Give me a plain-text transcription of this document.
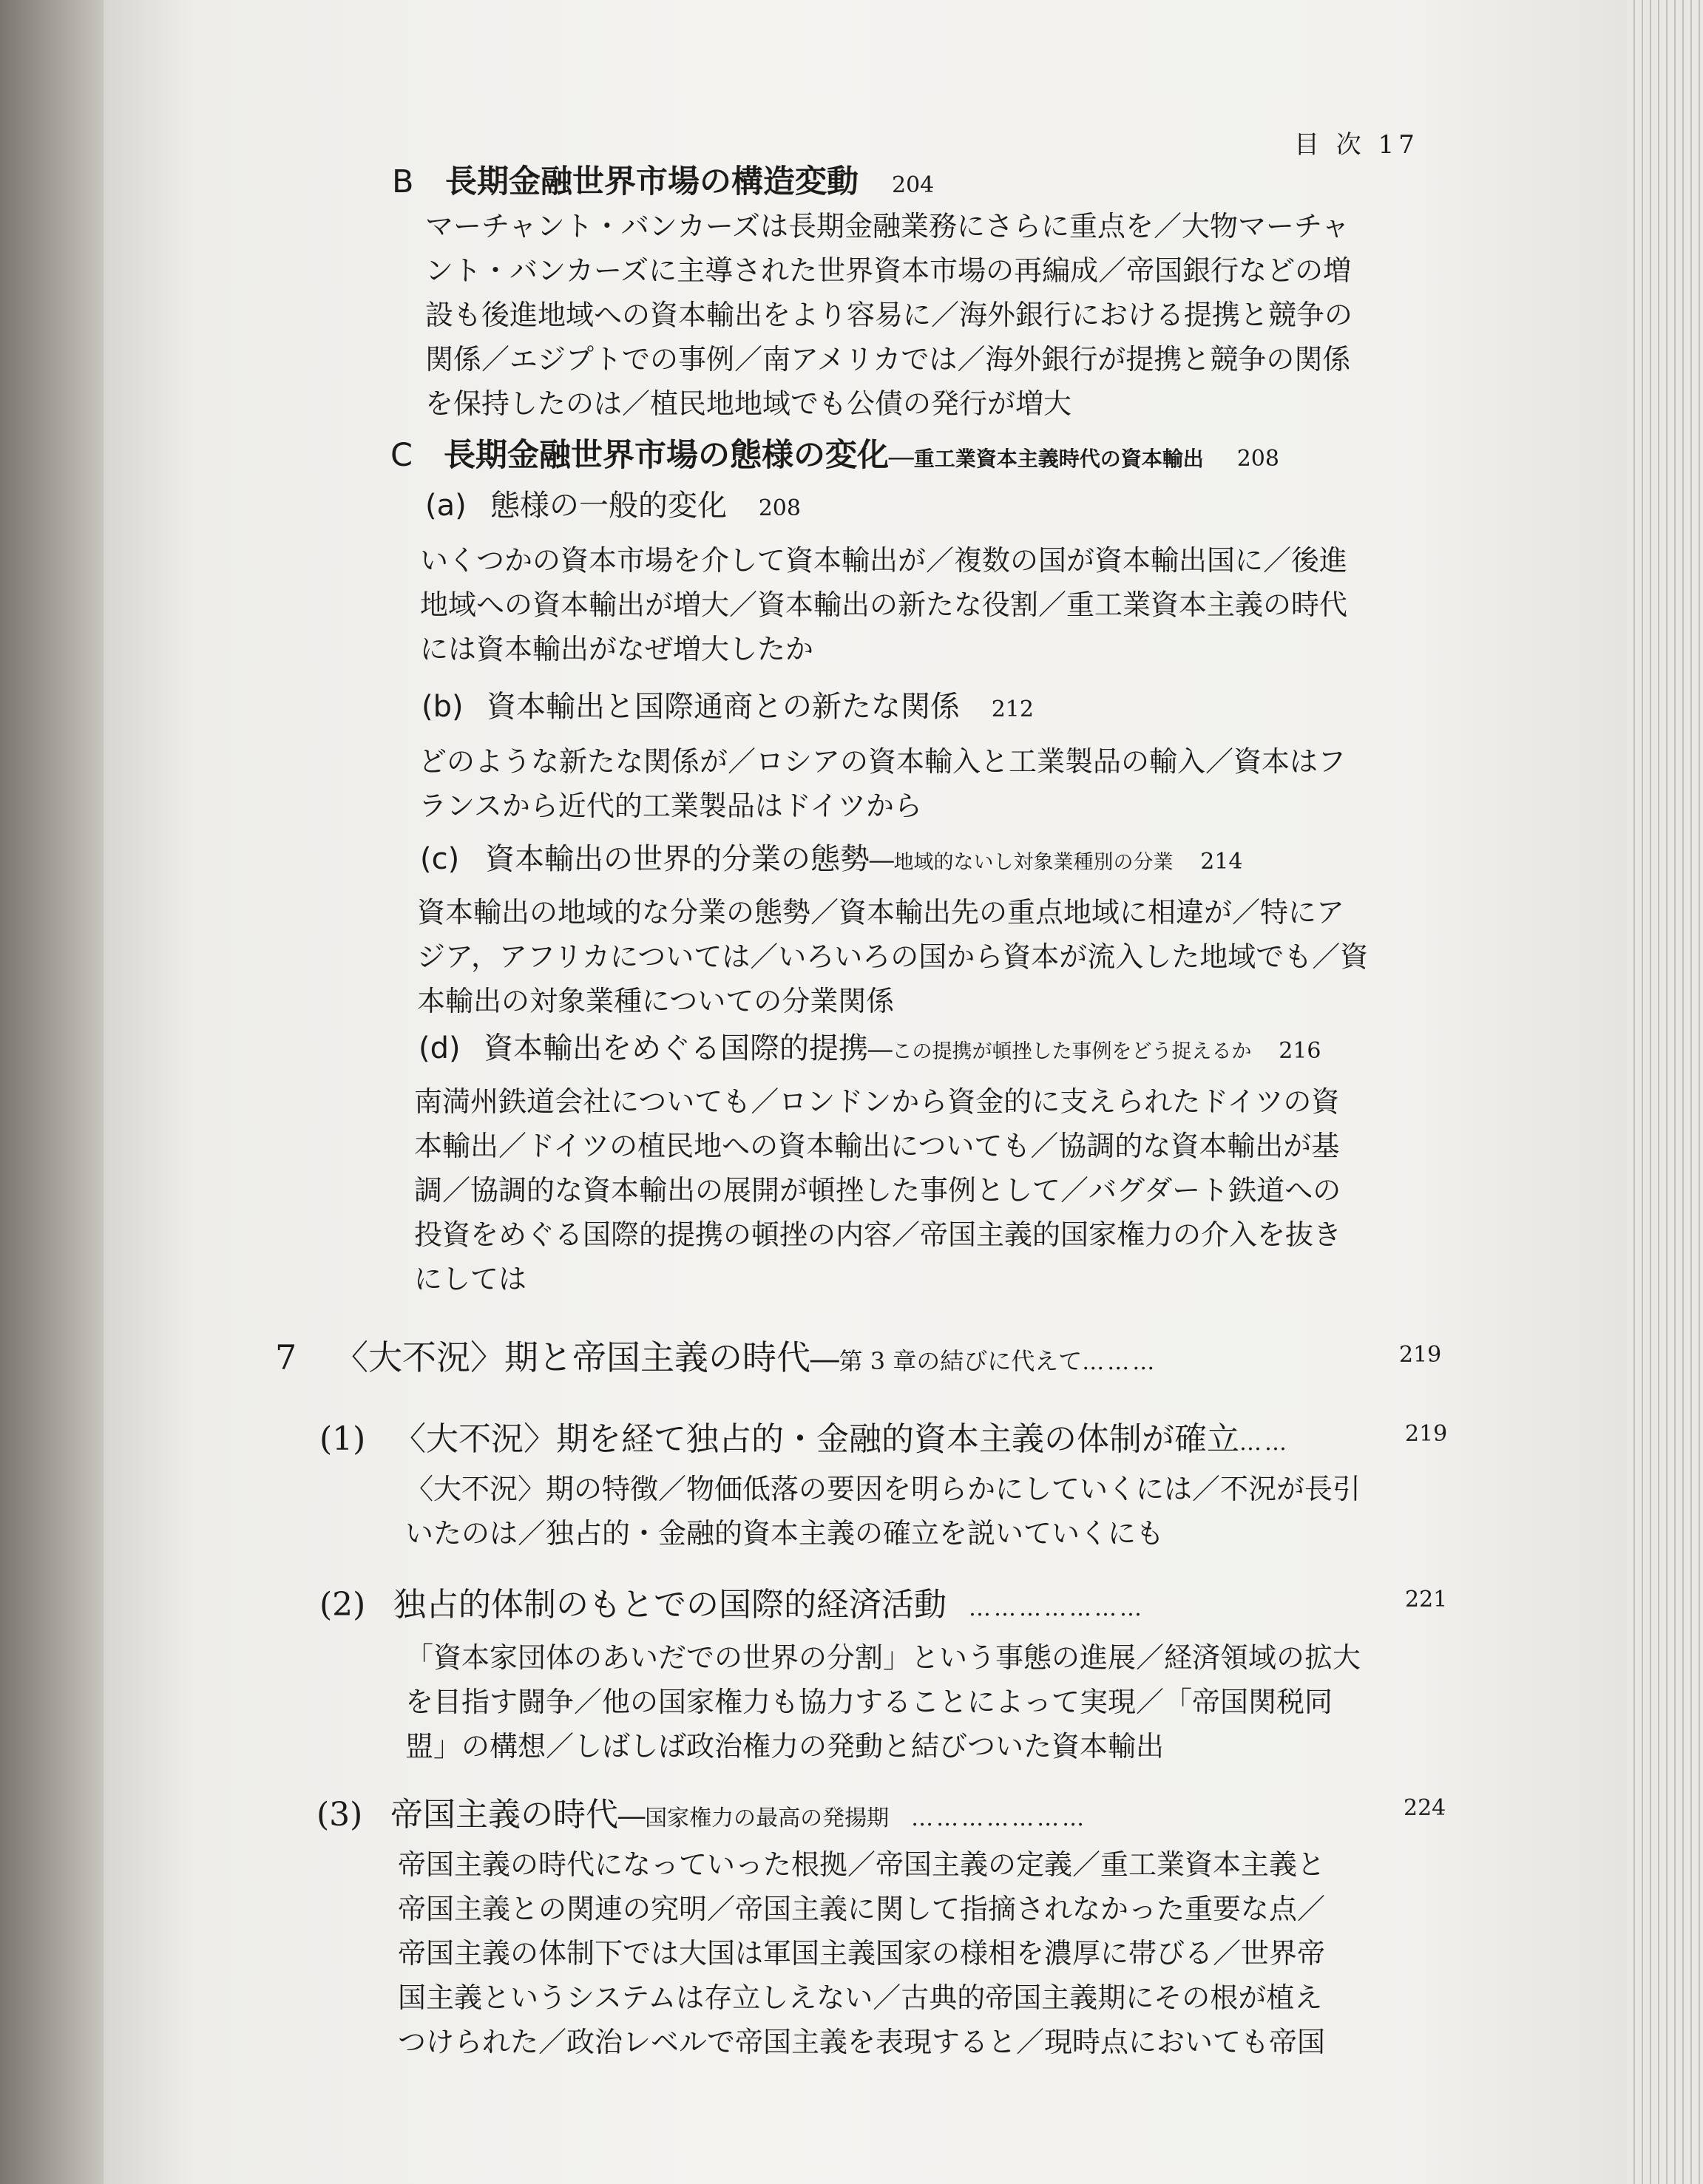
目 次 17
B 長期金融世界市場の構造変動 204
マーチャント・バンカーズは長期金融業務にさらに重点を／大物マーチャ
ント・バンカーズに主導された世界資本市場の再編成／帝国銀行などの増
設も後進地域への資本輸出をより容易に／海外銀行における提携と競争の
関係／エジプトでの事例／南アメリカでは／海外銀行が提携と競争の関係
を保持したのは／植民地地域でも公債の発行が増大
C 長期金融世界市場の態様の変化──重工業資本主義時代の資本輸出 208
(a) 態様の一般的変化 208
いくつかの資本市場を介して資本輸出が／複数の国が資本輸出国に／後進
地域への資本輸出が増大／資本輸出の新たな役割／重工業資本主義の時代
には資本輸出がなぜ増大したか
(b) 資本輸出と国際通商との新たな関係 212
どのような新たな関係が／ロシアの資本輸入と工業製品の輸入／資本はフ
ランスから近代的工業製品はドイツから
(c) 資本輸出の世界的分業の態勢──地域的ないし対象業種別の分業 214
資本輸出の地域的な分業の態勢／資本輸出先の重点地域に相違が／特にア
ジア，アフリカについては／いろいろの国から資本が流入した地域でも／資
本輸出の対象業種についての分業関係
(d) 資本輸出をめぐる国際的提携──この提携が頓挫した事例をどう捉えるか 216
南満州鉄道会社についても／ロンドンから資金的に支えられたドイツの資
本輸出／ドイツの植民地への資本輸出についても／協調的な資本輸出が基
調／協調的な資本輸出の展開が頓挫した事例として／バグダート鉄道への
投資をめぐる国際的提携の頓挫の内容／帝国主義的国家権力の介入を抜き
にしては
7 〈大不況〉期と帝国主義の時代──第 3 章の結びに代えて………	219
(1) 〈大不況〉期を経て独占的・金融的資本主義の体制が確立……	219
〈大不況〉期の特徴／物価低落の要因を明らかにしていくには／不況が長引
いたのは／独占的・金融的資本主義の確立を説いていくにも
(2) 独占的体制のもとでの国際的経済活動 …………………	221
「資本家団体のあいだでの世界の分割」という事態の進展／経済領域の拡大
を目指す闘争／他の国家権力も協力することによって実現／「帝国関税同
盟」の構想／しばしば政治権力の発動と結びついた資本輸出
(3) 帝国主義の時代──国家権力の最高の発揚期 …………………	224
帝国主義の時代になっていった根拠／帝国主義の定義／重工業資本主義と
帝国主義との関連の究明／帝国主義に関して指摘されなかった重要な点／
帝国主義の体制下では大国は軍国主義国家の様相を濃厚に帯びる／世界帝
国主義というシステムは存立しえない／古典的帝国主義期にその根が植え
つけられた／政治レベルで帝国主義を表現すると／現時点においても帝国
